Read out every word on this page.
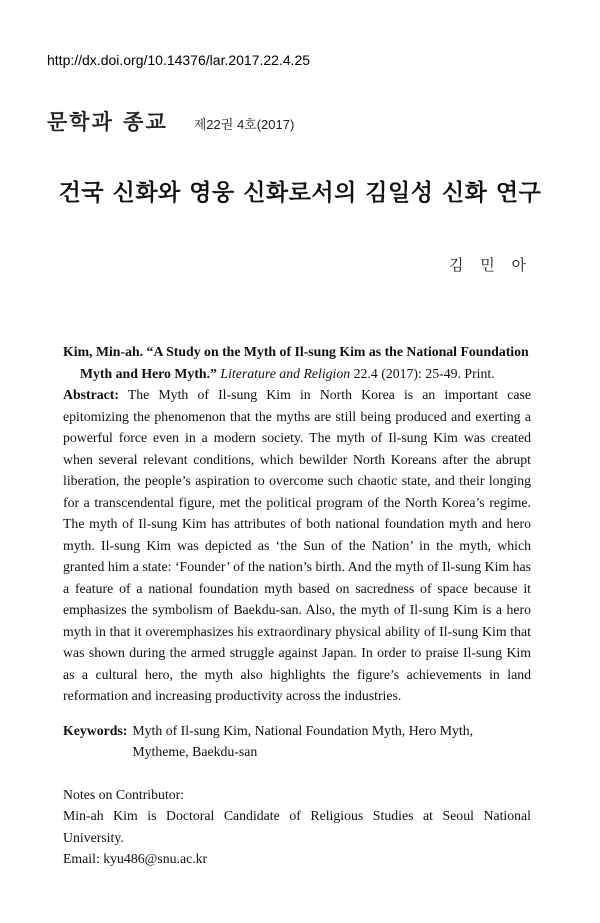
http://dx.doi.org/10.14376/lar.2017.22.4.25
문학과 종교 제22권 4호(2017)
건국 신화와 영웅 신화로서의 김일성 신화 연구
김 민 아

Kim, Min-ah. “A Study on the Myth of Il-sung Kim as the National Foundation
Myth and Hero Myth.” Literature and Religion 22.4 (2017): 25-49. Print.

Abstract: The Myth of Il-sung Kim in North Korea is an important case epitomizing the phenomenon that the myths are still being produced and exerting a powerful force even in a modern society. The myth of Il-sung Kim was created when several relevant conditions, which bewilder North Koreans after the abrupt liberation, the people’s aspiration to overcome such chaotic state, and their longing for a transcendental figure, met the political program of the North Korea’s regime. The myth of Il-sung Kim has attributes of both national foundation myth and hero myth. Il-sung Kim was depicted as ‘the Sun of the Nation’ in the myth, which granted him a state: ‘Founder’ of the nation’s birth. And the myth of Il-sung Kim has a feature of a national foundation myth based on sacredness of space because it emphasizes the symbolism of Baekdu-san. Also, the myth of Il-sung Kim is a hero myth in that it overemphasizes his extraordinary physical ability of Il-sung Kim that was shown during the armed struggle against Japan. In order to praise Il-sung Kim as a cultural hero, the myth also highlights the figure’s achievements in land reformation and increasing productivity across the industries.

Keywords: Myth of Il-sung Kim, National Foundation Myth, Hero Myth, Mytheme, Baekdu-san

Notes on Contributor:

Min-ah Kim is Doctoral Candidate of Religious Studies at Seoul National University.

Email: kyu486@snu.ac.kr
